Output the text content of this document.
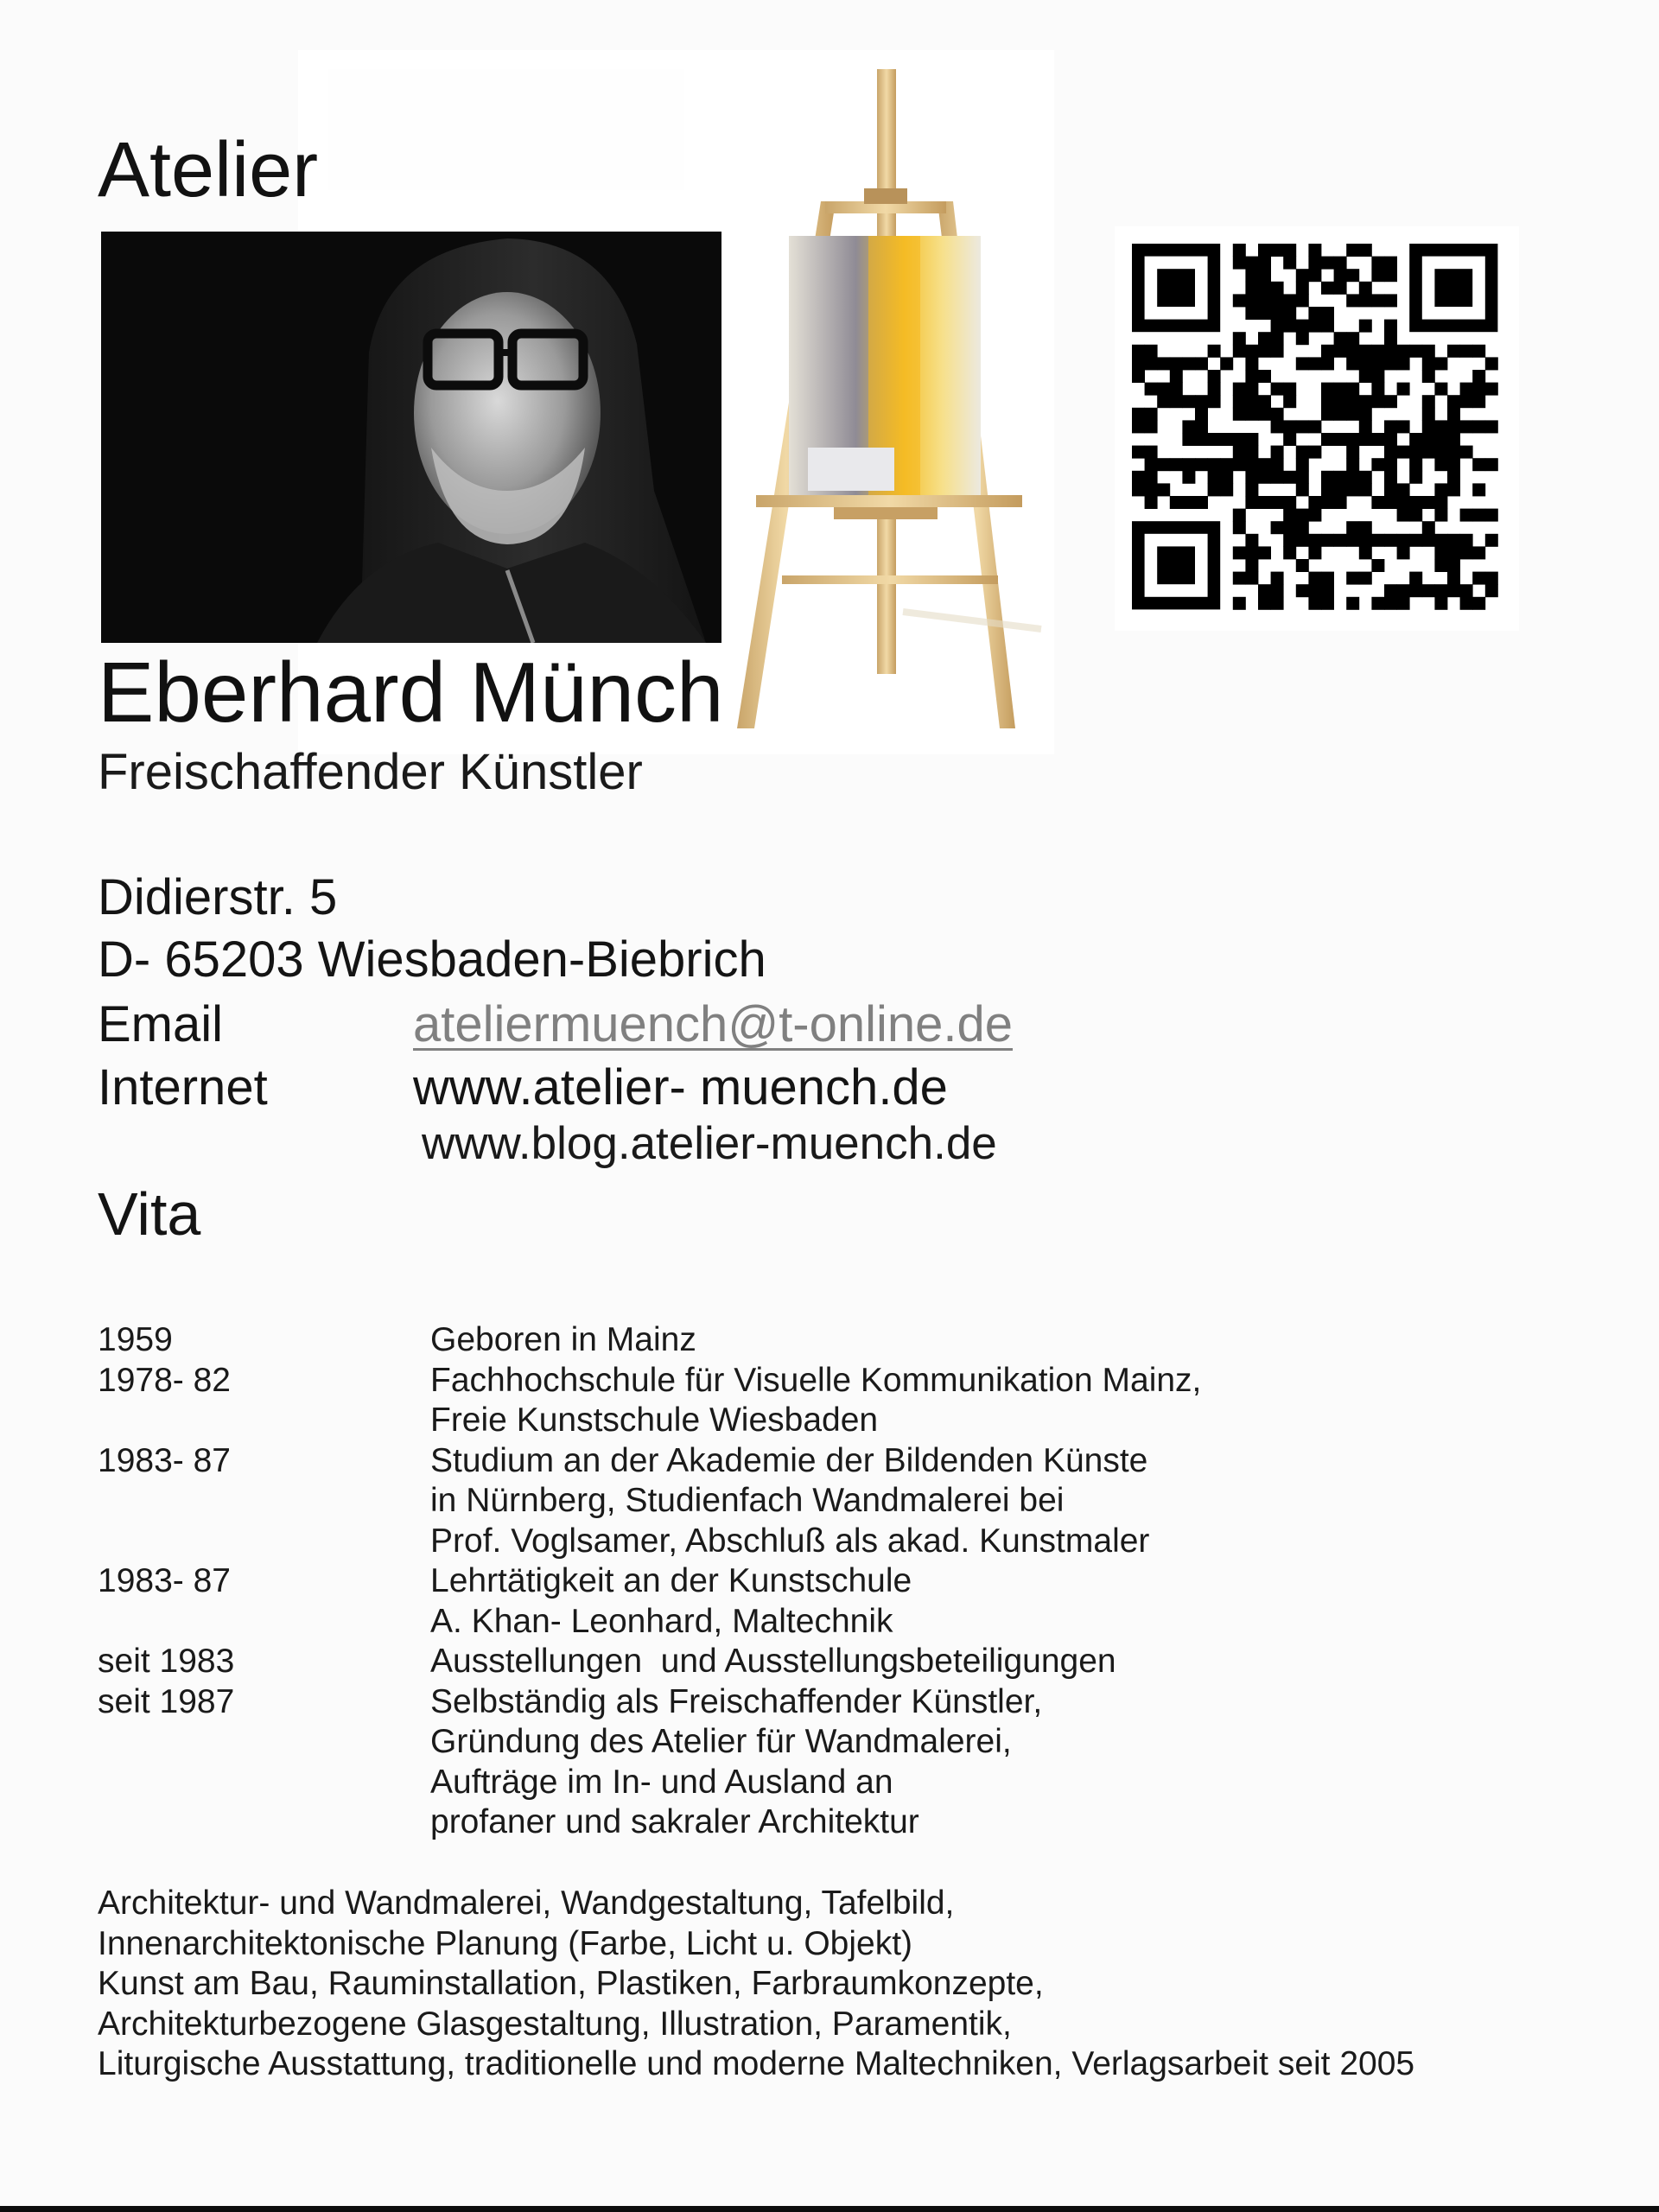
Atelier
Eberhard Münch
Freischaffender Künstler
Didierstr. 5
D- 65203 Wiesbaden-Biebrich
Email	ateliermuench@t-online.de
Internet	www.atelier- muench.de
www.blog.atelier-muench.de
Vita
1959	Geboren in Mainz
1978- 82	Fachhochschule für Visuelle Kommunikation Mainz,
Freie Kunstschule Wiesbaden
1983- 87	Studium an der Akademie der Bildenden Künste
in Nürnberg, Studienfach Wandmalerei bei
Prof. Voglsamer, Abschluß als akad. Kunstmaler
1983- 87	Lehrtätigkeit an der Kunstschule
A. Khan- Leonhard, Maltechnik
seit 1983	Ausstellungen  und Ausstellungsbeteiligungen
seit 1987	Selbständig als Freischaffender Künstler,
Gründung des Atelier für Wandmalerei,
Aufträge im In- und Ausland an
profaner und sakraler Architektur
Architektur- und Wandmalerei, Wandgestaltung, Tafelbild,
Innenarchitektonische Planung (Farbe, Licht u. Objekt)
Kunst am Bau, Rauminstallation, Plastiken, Farbraumkonzepte,
Architekturbezogene Glasgestaltung, Illustration, Paramentik,
Liturgische Ausstattung, traditionelle und moderne Maltechniken, Verlagsarbeit seit 2005
